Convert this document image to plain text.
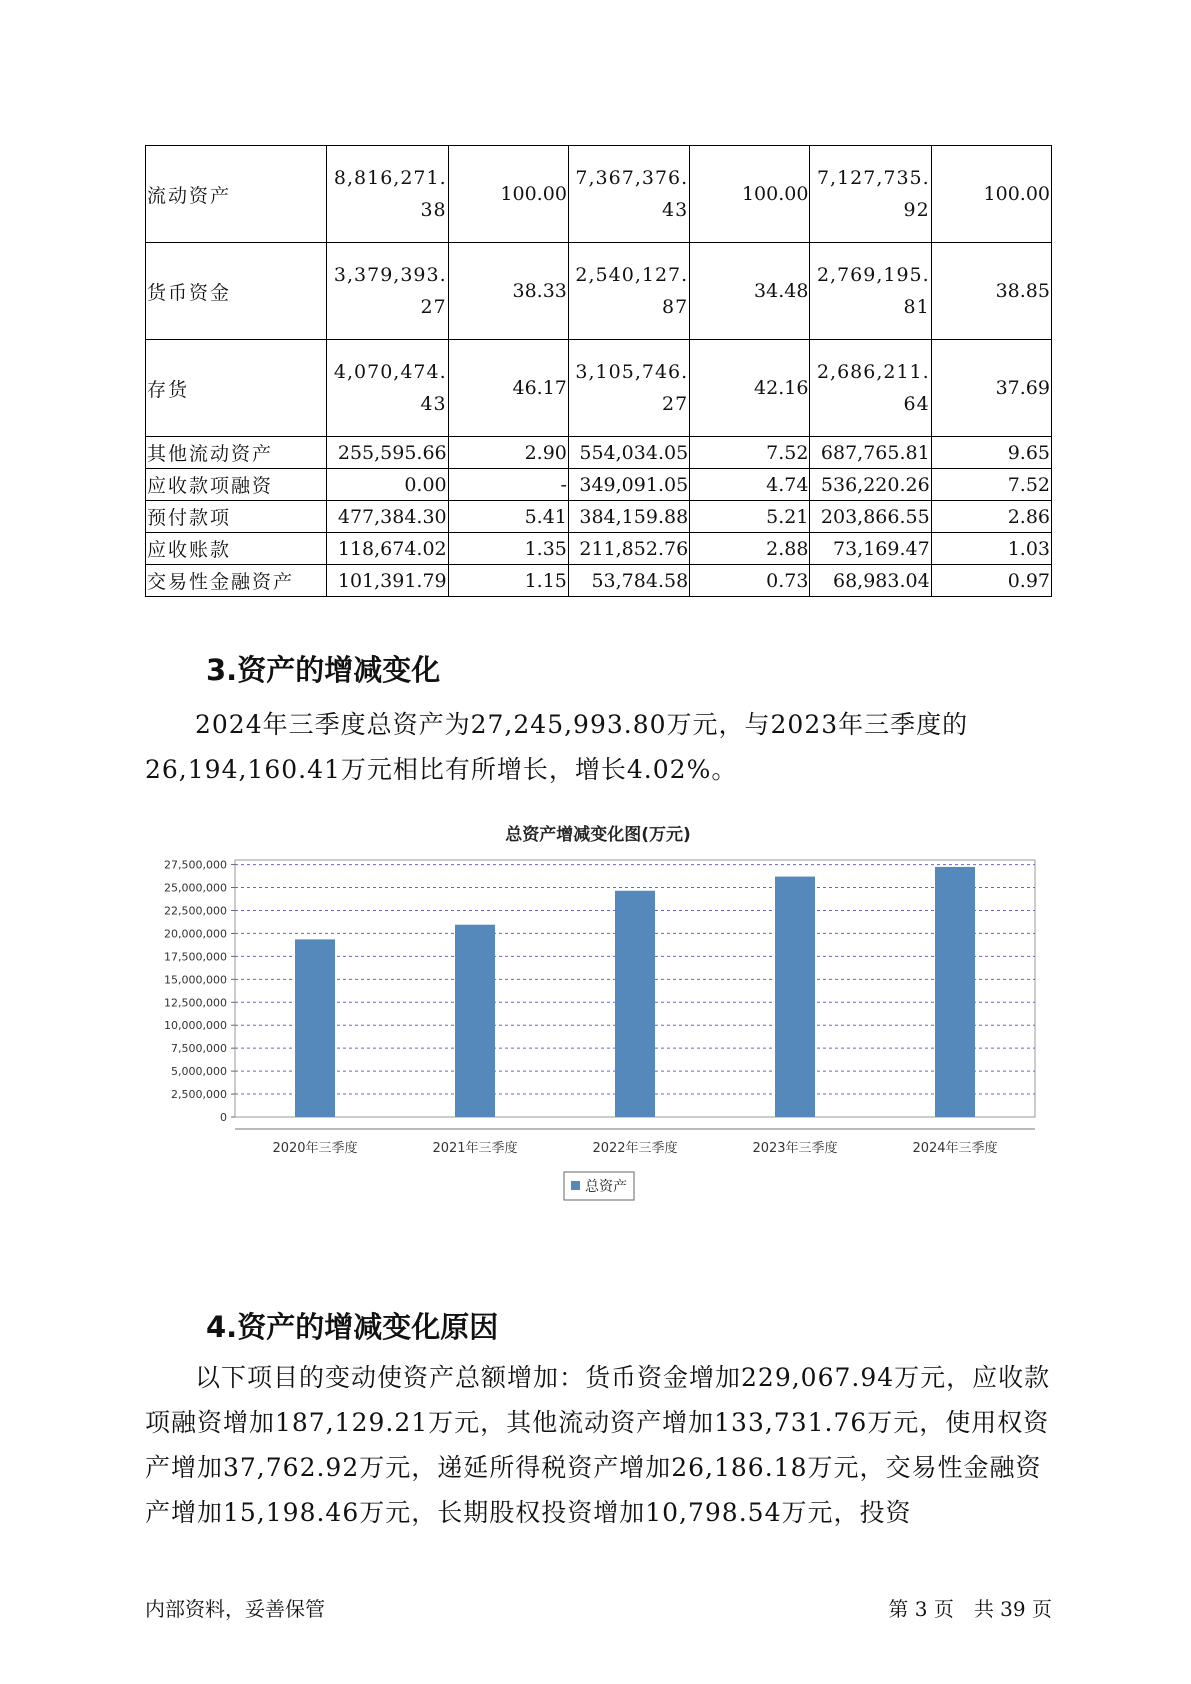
流动资产	8,816,271.38	100.00	7,367,376.43	100.00	7,127,735.92	100.00
货币资金	3,379,393.27	38.33	2,540,127.87	34.48	2,769,195.81	38.85
存货	4,070,474.43	46.17	3,105,746.27	42.16	2,686,211.64	37.69
其他流动资产	255,595.66	2.90	554,034.05	7.52	687,765.81	9.65
应收款项融资	0.00	-	349,091.05	4.74	536,220.26	7.52
预付款项	477,384.30	5.41	384,159.88	5.21	203,866.55	2.86
应收账款	118,674.02	1.35	211,852.76	2.88	73,169.47	1.03
交易性金融资产	101,391.79	1.15	53,784.58	0.73	68,983.04	0.97
3.资产的增减变化

2024年三季度总资产为27,245,993.80万元，与2023年三季度的26,194,160.41万元相比有所增长，增长4.02%。

总资产增减变化图(万元)
0
2,500,000
5,000,000
7,500,000
10,000,000
12,500,000
15,000,000
17,500,000
20,000,000
22,500,000
25,000,000
27,500,000
2020年三季度	2021年三季度	2022年三季度	2023年三季度	2024年三季度
总资产
4.资产的增减变化原因

以下项目的变动使资产总额增加：货币资金增加229,067.94万元，应收款项融资增加187,129.21万元，其他流动资产增加133,731.76万元，使用权资产增加37,762.92万元，递延所得税资产增加26,186.18万元，交易性金融资产增加15,198.46万元，长期股权投资增加10,798.54万元，投资

内部资料，妥善保管	第 3 页　共 39 页
